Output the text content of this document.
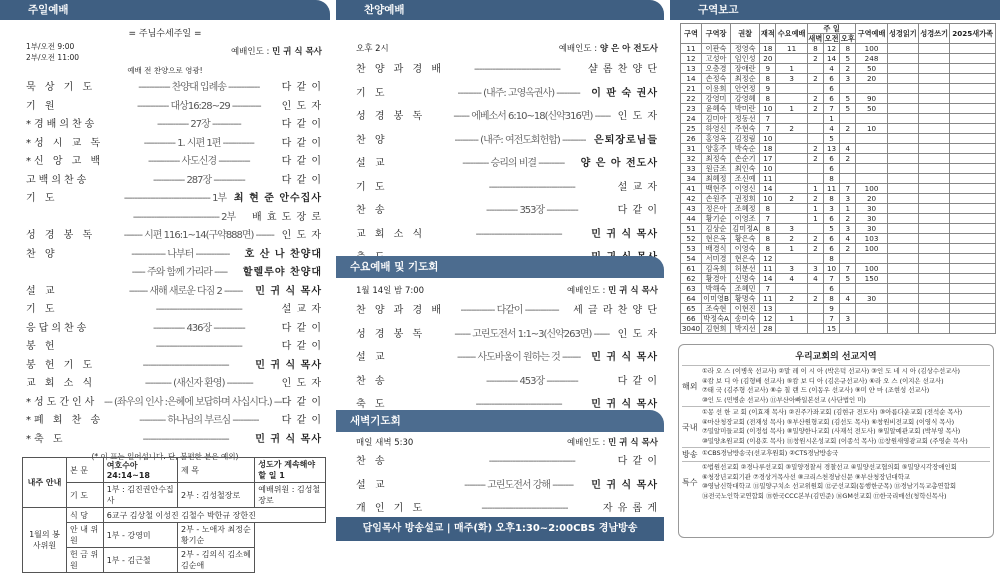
주일예배
= 주님수세주일 =
1부/오전 9:00
2부/오전 11:00
예배인도 : 민 귀 식 목사
예배 전 찬양으로 영광!
묵 상 기 도	------------ 찬양대 입례송 ------------	다 같 이
기 원	------------ 대상16:28~29 -----------	인 도 자
*경배의찬송	------------ 27장 -----------	다 같 이
*성 시 교 독	------------ 1. 시편 1편 ------------	다 같 이
*신 앙 고 백	------------ 사도신경 ------------	다 같 이
고백의찬송	------------ 287장 ------------	다 같 이
기 도	--------------------------------- 1부 최 현 준 안수집사
--------------------------------- 2부	배 효 도 장 로
성 경 봉 독	------- 시편 116:1~14(구약888면) ------- 인 도 자
찬 양	------------- 나부터 -------------	호 산 나 찬양대
----- 주와 함께 가리라 -----	할렐루야 찬양대
설 교	------- 새해 새로운 다짐 2 -------	민 귀 식 목사
기 도	---------------------------------	설 교 자
응답의찬송	------------ 436장 ------------	다 같 이
봉 헌	---------------------------------	다 같 이
봉 헌 기 도	---------------------------------	민 귀 식 목사
교 회 소 식	---------- (새신자 환영) ----------	인 도 자
*성도간인사 --- (좌우의 인사 :은혜에 보답하며 사십시다.) --- 다 같 이
*폐 회 찬 송	---------- 하나님의 부르심 ----------	다 같 이
*축 도	---------------------------------	민 귀 식 목사
(* 이 표는 일어섭니다. 단, 불편한 분은 예외)
내주 안내	본 문	여호수아 24:14~18	제 목	성도가 계속해야 할 일 1
	기 도	1부 : 김진권안수집사	2부 : 김성철장로	예배위원 : 김성철장로
1월의 봉사위원	식 당	6교구 김상철 이성진 김철수 박한규 장한진		
	안 내 위 원	1부 - 강영미	2부 - 노애자 최정순 황기순	
	헌 금 위 원	1부 - 김근철	2부 - 김의식 김소혜 김순애	
찬양예배
오후 2시	예배인도 : 양 은 아 전도사
찬 양 과 경 배	---------------------------------	샬 롬 찬 양 단
기 도	--------- (내주: 고영옥권사) ---------	이 판 숙 권사
성 경 봉 독	------ 에베소서 6:10~18(신약316면) ------ 인 도 자
찬 양	--------- (내주: 여전도회헌합) --------- 은퇴장로님들
설 교	---------- 승리의 비결 ----------	양 은 아 전도사
기 도	---------------------------------	설 교 자
찬 송	------------ 353장 ------------	다 같 이
교 회 소 식	---------------------------------	민 귀 식 목사
수요예배 및 기도회
1월 14일 밤 7:00	예배인도 : 민 귀 식 목사
찬 양 과 경 배	------------- 다같이 -------------	세 글 라 찬 양 단
성 경 봉 독	------ 고린도전서 1:1~3(신약263면) ------ 인 도 자
설 교	------- 사도바울이 원하는 것 -------	민 귀 식 목사
찬 송	------------ 453장 ------------	다 같 이
축 도	---------------------------------	민 귀 식 목사
새벽기도회
매일 새벽 5:30	예배인도 : 민 귀 식 목사
찬 송	---------------------------------	다 같 이
설 교	-------- 고린도전서 강해 --------	민 귀 식 목사
개 인 기 도	---------------------------------	자 유 롭 게
담임목사 방송설교 | 매주(화) 오후1:30~2:00CBS 경남방송 (FM106.9)
구역보고
구역	구역장	권찰	재적	수요예배	주 일			구역예배	성경읽기	성경쓰기	2025새가족
					새벽	오전	오후				
11	이판숙	정영숙	18	11	8	12	8	100			
12	고성아	임인성	20		2	14	5	248			
13	오층경	장애란	9	1		4	2	50			
14	손정숙	최정순	8	3	2	6	3	20			
21	이용희	안연정	9			6					
22	강영미	강영혜	8		2	6	5	90			
23	윤혜숙	박미란	10	1	2	7	5	50			
24	김미아	정동선	7			1					
25	하영신	주현숙	7	2		4	2	10			
26	홍영옥	김정림	10			5					
31	양홍주	박숙순	18		2	13	4				
32	최정숙	손순기	17		2	6	2				
33	원금조	최인숙	10			6					
34	최혜정	조신예	11			8					
41	백현주	이영신	14		1	11	7	100			
42	손원주	권정희	10	2	2	8	3	20			
43	정은아	조혜정	8		1	3	1	30			
44	황기순	이영조	7		1	6	2	30			
51	김상순	김미정A	8	3		5	3	30			
52	현은옥	황은숙	8	2	2	6	4	103			
53	배경식	이영숙	8	1	2	6	2	100			
54	서미경	현은숙	12			8					
61	김옥희	허분선	11	3	3	10	7	100			
62	황경아	신명숙	14	4	4	7	5	150			
63	박해숙	조혜민	7			6					
64	이미영B	황명숙	11	2	2	8	4	30			
65	조숙현	이현진	13			9					
66	박정숙A	송미숙	12	1		7	3				
3040	김현희	박지선	28			15					
우리교회의 선교지역
해외
①라 오 스 (이병욱 선교사) ②말 레 이 시 아 (박은덕 선교사) ③인 도 네 시 아 (김상수선교사)
④캄 보 디 아 (김형배 선교사) ⑤캄 보 디 아 (김은규선교사) ⑥라 오 스 (이지은 선교사)
⑦태 국 (김주형 선교사) ⑧슈 칠 랜 드 (이동우 선교사) ⑨미 얀 마 (조현성 선교사)
⑩인 도 (민병순 선교사) ⑪부산아빠일본선교 (사단법인 미)
국내
①몽 선 한 교 회 (이효재 목사) ②진주가좌교회 (김현규 전도사) ③아름다운교회 (전석순 목사)
④마산청장교회 (전재성 목사) ⑤부산원형교회 (김선도 목사) ⑥창원비전교회 (이영식 목사)
⑦밀알미들교회 (이정섭 목사) ⑧밀양한나교회 (사재석 전도사) ⑨밀알예관교회 (박부영 목사)
⑩밀양초원교회 (이용호 목사) ⑪창원시온성교회 (이종석 목사) ⑫창원새영광교회 (주영순 목사)
방송 ①CBS경남방송국(선교후원회) ②CTS경남방송국
특수
①법원선교회 ②경나루선교회 ③밀양경찰서 경찰선교 ④밀양선교협의회 ⑤밀양시각장애인회
⑥청장년교회기관 ⑦경상거목사선 ⑧크리스천경남신문 ⑨부산청장년대학교
⑩영남신학대학교 ⑪밀양구치소 선교위원회 ⑫군선교회(동행한군목) ⑬경남기독교총연합회
⑭전국노인학교연합회 ⑮한국CCC본부(김민준) ⑯GM선교회 ⑰한국리매선(청학신목사)
